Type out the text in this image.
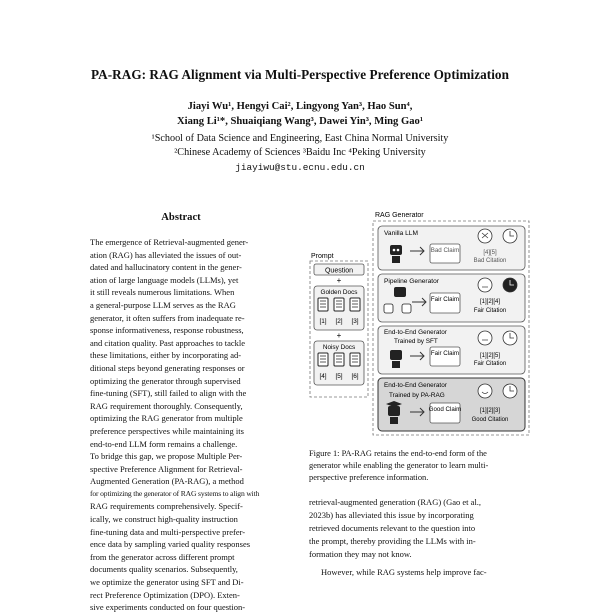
PA-RAG: RAG Alignment via Multi-Perspective Preference Optimization
Jiayi Wu¹, Hengyi Cai², Lingyong Yan³, Hao Sun⁴,
Xiang Li¹*, Shuaiqiang Wang³, Dawei Yin³, Ming Gao¹
¹School of Data Science and Engineering, East China Normal University
²Chinese Academy of Sciences ³Baidu Inc ⁴Peking University
jiayiwu@stu.ecnu.edu.cn
Abstract
The emergence of Retrieval-augmented gener-
ation (RAG) has alleviated the issues of out-
dated and hallucinatory content in the gener-
ation of large language models (LLMs), yet
it still reveals numerous limitations. When
a general-purpose LLM serves as the RAG
generator, it often suffers from inadequate re-
sponse informativeness, response robustness,
and citation quality. Past approaches to tackle
these limitations, either by incorporating ad-
ditional steps beyond generating responses or
optimizing the generator through supervised
fine-tuning (SFT), still failed to align with the
RAG requirement thoroughly. Consequently,
optimizing the RAG generator from multiple
preference perspectives while maintaining its
end-to-end LLM form remains a challenge.
To bridge this gap, we propose Multiple Per-
spective Preference Alignment for Retrieval-
Augmented Generation (PA-RAG), a method
for optimizing the generator of RAG systems to align with
RAG requirements comprehensively. Specif-
ically, we construct high-quality instruction
fine-tuning data and multi-perspective prefer-
ence data by sampling varied quality responses
from the generator across different prompt
documents quality scenarios. Subsequently,
we optimize the generator using SFT and Di-
rect Preference Optimization (DPO). Exten-
sive experiments conducted on four question-
RAG Generator
Prompt
Question
+
Golden Docs
[1] [2] [3]
+
Noisy Docs
[4] [5] [6]
Vanilla LLM
Bad Claim	[4][5]
Bad Citation
Pipeline Generator
Fair Claim	[1][2][4]
Fair Citation
End-to-End Generator
Trained by SFT
Fair Claim	[1][2][5]
Fair Citation
End-to-End Generator
Trained by PA-RAG
Good Claim	[1][2][3]
Good Citation
Figure 1: PA-RAG retains the end-to-end form of the
generator while enabling the generator to learn multi-
perspective preference information.
retrieval-augmented generation (RAG) (Gao et al.,
2023b) has alleviated this issue by incorporating
retrieved documents relevant to the question into
the prompt, thereby providing the LLMs with in-
formation they may not know.
However, while RAG systems help improve fac-
